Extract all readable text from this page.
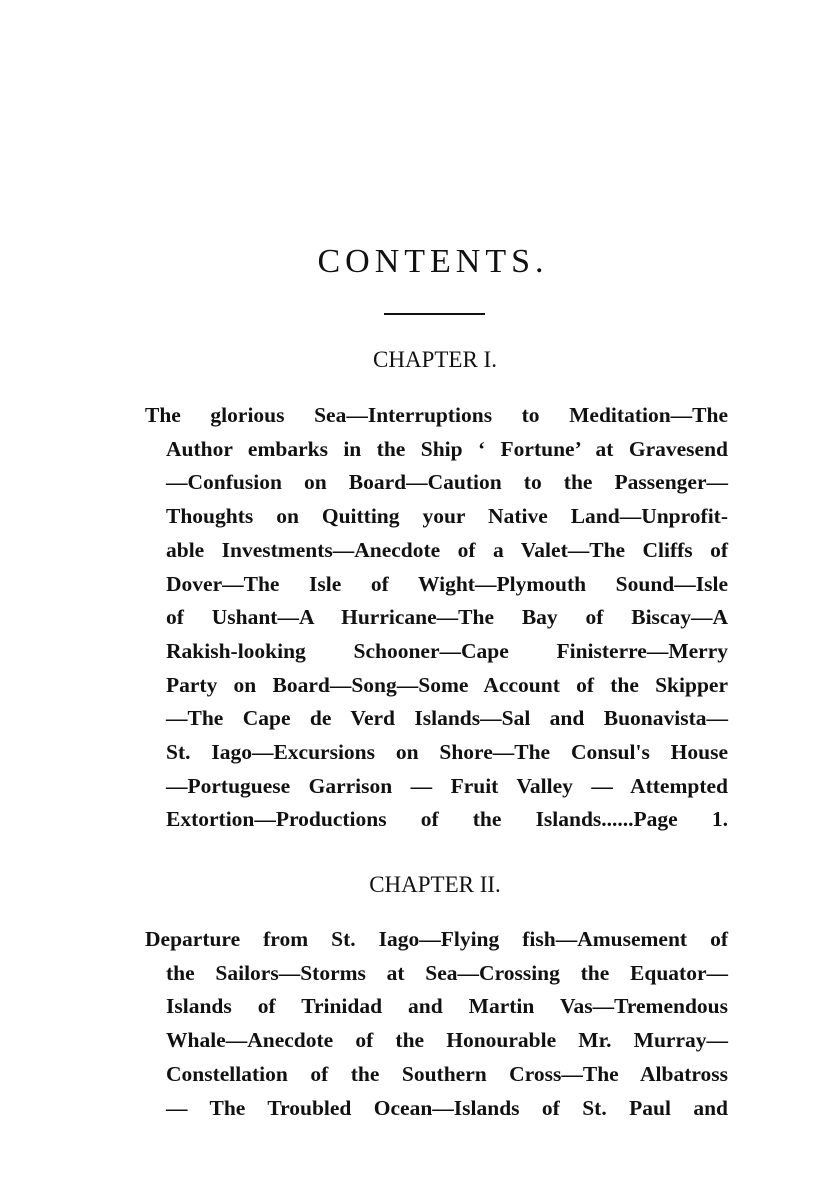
CONTENTS.
CHAPTER I.
The glorious Sea—Interruptions to Meditation—The
Author embarks in the Ship ‘ Fortune’ at Gravesend
—Confusion on Board—Caution to the Passenger—
Thoughts on Quitting your Native Land—Unprofit-
able Investments—Anecdote of a Valet—The Cliffs of
Dover—The Isle of Wight—Plymouth Sound—Isle
of Ushant—A Hurricane—The Bay of Biscay—A
Rakish-looking Schooner—Cape Finisterre—Merry
Party on Board—Song—Some Account of the Skipper
—The Cape de Verd Islands—Sal and Buonavista—
St. Iago—Excursions on Shore—The Consul's House
—Portuguese Garrison — Fruit Valley — Attempted
Extortion—Productions of the Islands......Page 1.
CHAPTER II.
Departure from St. Iago—Flying fish—Amusement of
the Sailors—Storms at Sea—Crossing the Equator—
Islands of Trinidad and Martin Vas—Tremendous
Whale—Anecdote of the Honourable Mr. Murray—
Constellation of the Southern Cross—The Albatross
— The Troubled Ocean—Islands of St. Paul and
